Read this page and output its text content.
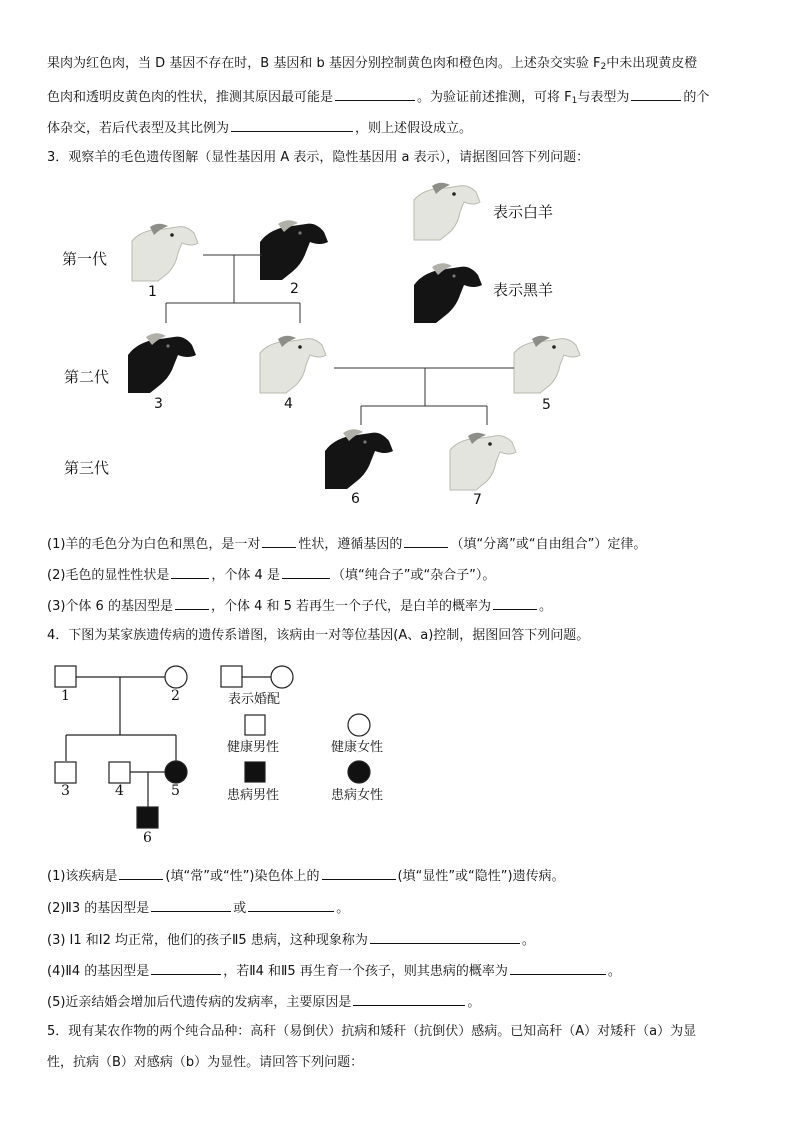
果肉为红色肉，当 D 基因不存在时，B 基因和 b 基因分别控制黄色肉和橙色肉。上述杂交实验 $F_2$中未出现黄皮橙
色肉和透明皮黄色肉的性状，推测其原因最可能是	。为验证前述推测，可将 $F_1$与表型为	的个
体杂交，若后代表型及其比例为	，则上述假设成立。
3．观察羊的毛色遗传图解（显性基因用 A 表示，隐性基因用 a 表示），请据图回答下列问题：
第一代
第二代
第三代
表示白羊
表示黑羊
1	2
3	4	5
6	7
(1)羊的毛色分为白色和黑色，是一对	性状，遵循基因的	（填“分离”或“自由组合”）定律。
(2)毛色的显性性状是	，个体 4 是	（填“纯合子”或“杂合子”）。
(3)个体 6 的基因型是	，个体 4 和 5 若再生一个子代，是白羊的概率为	。
4．下图为某家族遗传病的遗传系谱图，该病由一对等位基因(A、a)控制，据图回答下列问题。
1	2
3	4	5
6
表示婚配
健康男性	健康女性
患病男性	患病女性
(1)该疾病是	(填“常”或“性”)染色体上的	(填“显性”或“隐性”)遗传病。
(2)Ⅱ3 的基因型是	或	。
(3) Ⅰ1 和Ⅰ2 均正常，他们的孩子Ⅱ5 患病，这种现象称为	。
(4)Ⅱ4 的基因型是	，若Ⅱ4 和Ⅱ5 再生育一个孩子，则其患病的概率为	。
(5)近亲结婚会增加后代遗传病的发病率，主要原因是	。
5．现有某农作物的两个纯合品种：高秆（易倒伏）抗病和矮秆（抗倒伏）感病。已知高秆（A）对矮秆（a）为显
性，抗病（B）对感病（b）为显性。请回答下列问题：
